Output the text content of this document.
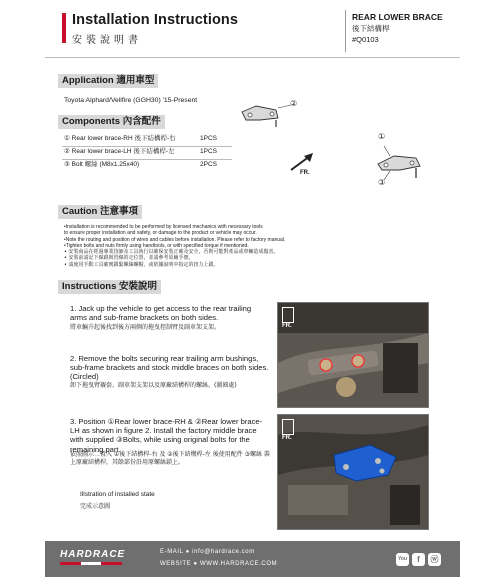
Installation Instructions
安裝說明書
REAR LOWER BRACE
後下結構桿
#Q0103
Application 適用車型
Toyota Alphard/Vellfire (GGH30) '15-Present	②
Components 內含配件
① Rear lower brace-RH 後下結構桿-右	1PCS
② Rear lower brace-LH 後下結構桿-左	1PCS
③ Bolt 螺絲 (M8x1.25x40)	2PCS
FR.
①
③
Caution 注意事項
•Installation is recommended to be performed by licensed mechanics with necessary tools
to ensure proper installation and safety, or damage to the product or vehicle may occur.
•Note the routing and position of wires and cables before installation. Please refer to factory manual.
•Tighten bolts and nuts firmly using handtools, or with specified torque if mentioned.
• 安裝商品在經過專業技師及工具執行以確保安裝正確及安全，否則可能對產品或車輛造成傷害。
• 安裝前請記下線路與管線的走位置，並請參考原廠手冊。
• 請使用手動工具確實鎖緊螺絲螺帽，或依據說明中指定的扭力上鎖。
Instructions 安裝說明
1. Jack up the vehicle to get access to the rear trailing arms and sub-frame brackets on both sides.
將車輛升起後找到後方兩側的拖曳控制臂及副車架支架。
2. Remove the bolts securing rear trailing arm bushings, sub-frame brackets and stock middle braces on both sides.(Circled)
卸下拖曳臂襯套、副車架支架以及原廠結構桿的螺絲。(圖圈處)
3. Position ①Rear lower brace-RH & ②Rear lower brace-LH as shown in figure 2. Install the factory middle brace with supplied ③Bolts, while using original bolts for the remaining part.
依照圖示二置入 ①後下結構桿-右 及 ②後下結構桿-左 後使用配件 ③螺絲 裝上原廠結構桿，其餘部份沿用原螺絲鎖上。
Illstration of installed state
完成示意圖
FR.
FR.
HARDRACE	E-MAIL ● info@hardrace.com
WEBSITE ● WWW.HARDRACE.COM
You	f	ⓦ
